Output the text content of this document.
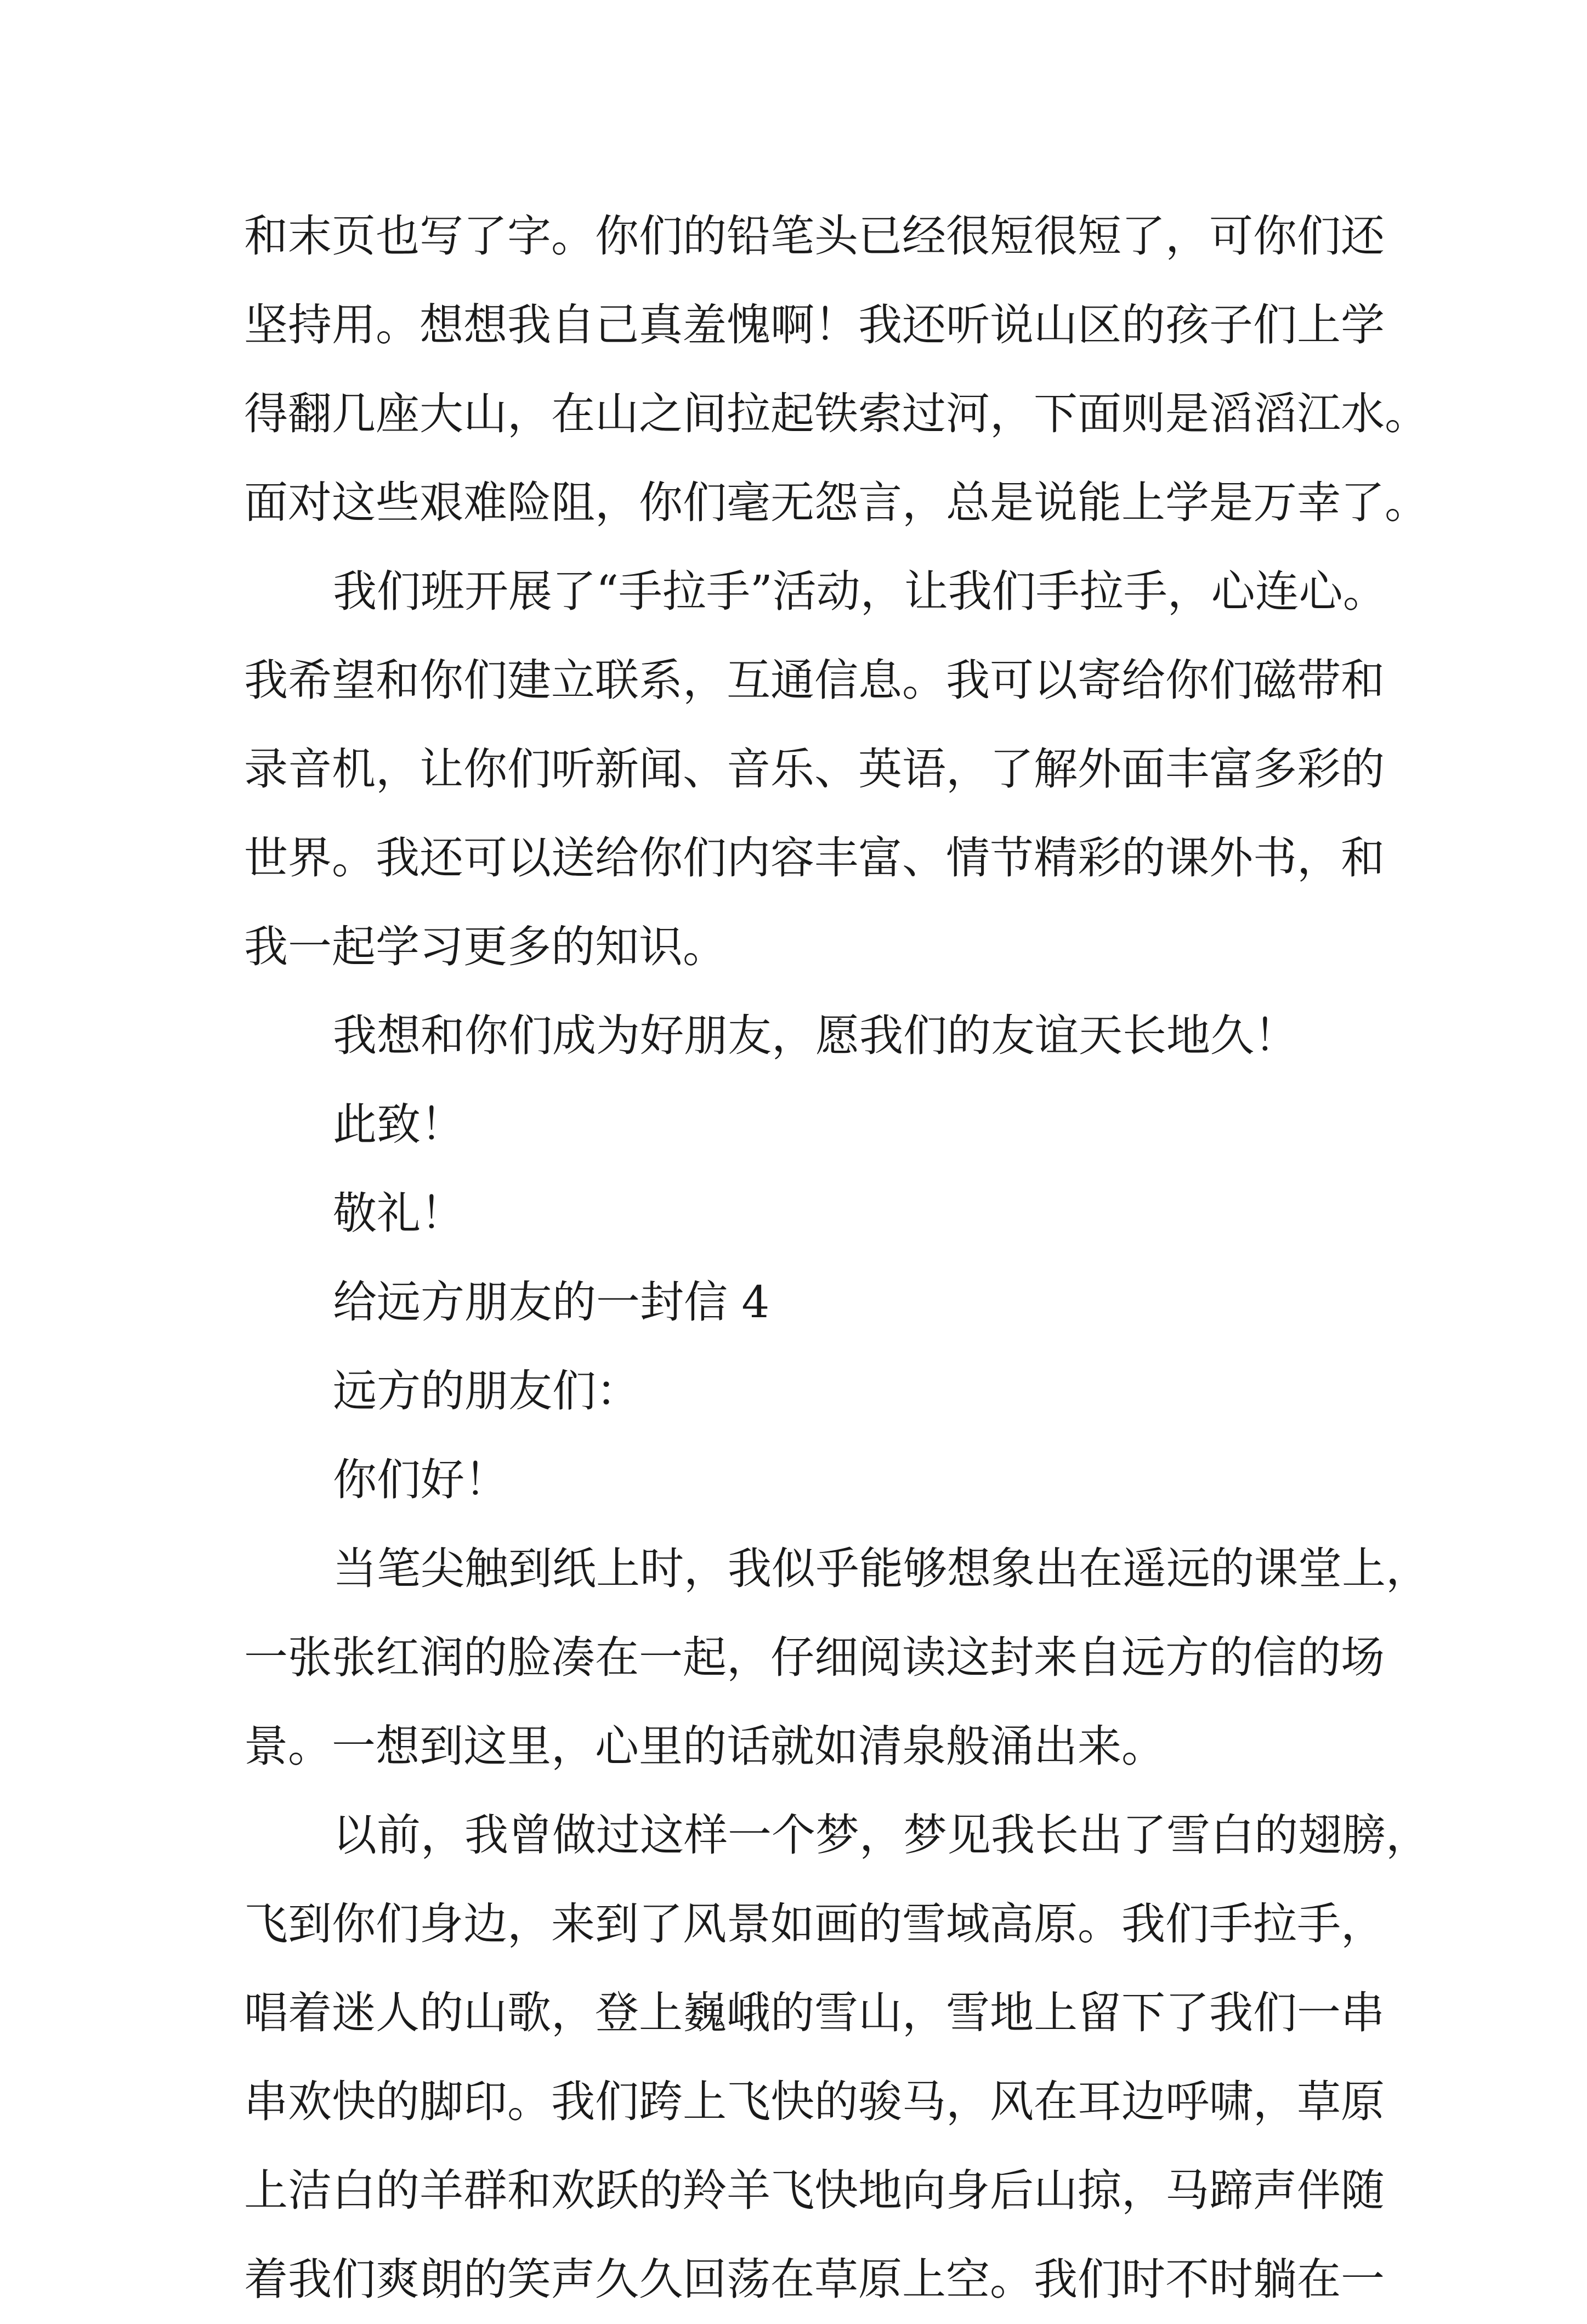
和末页也写了字。你们的铅笔头已经很短很短了，可你们还
坚持用。想想我自己真羞愧啊！我还听说山区的孩子们上学
得翻几座大山，在山之间拉起铁索过河，下面则是滔滔江水。
面对这些艰难险阻，你们毫无怨言，总是说能上学是万幸了。
我们班开展了“手拉手”活动，让我们手拉手，心连心。
我希望和你们建立联系，互通信息。我可以寄给你们磁带和
录音机，让你们听新闻、音乐、英语，了解外面丰富多彩的
世界。我还可以送给你们内容丰富、情节精彩的课外书，和
我一起学习更多的知识。
我想和你们成为好朋友，愿我们的友谊天长地久！
此致！
敬礼！
给远方朋友的一封信 4
远方的朋友们：
你们好！
当笔尖触到纸上时，我似乎能够想象出在遥远的课堂上，
一张张红润的脸凑在一起，仔细阅读这封来自远方的信的场
景。一想到这里，心里的话就如清泉般涌出来。
以前，我曾做过这样一个梦，梦见我长出了雪白的翅膀，
飞到你们身边，来到了风景如画的雪域高原。我们手拉手，
唱着迷人的山歌，登上巍峨的雪山，雪地上留下了我们一串
串欢快的脚印。我们跨上飞快的骏马，风在耳边呼啸，草原
上洁白的羊群和欢跃的羚羊飞快地向身后山掠，马蹄声伴随
着我们爽朗的笑声久久回荡在草原上空。我们时不时躺在一
